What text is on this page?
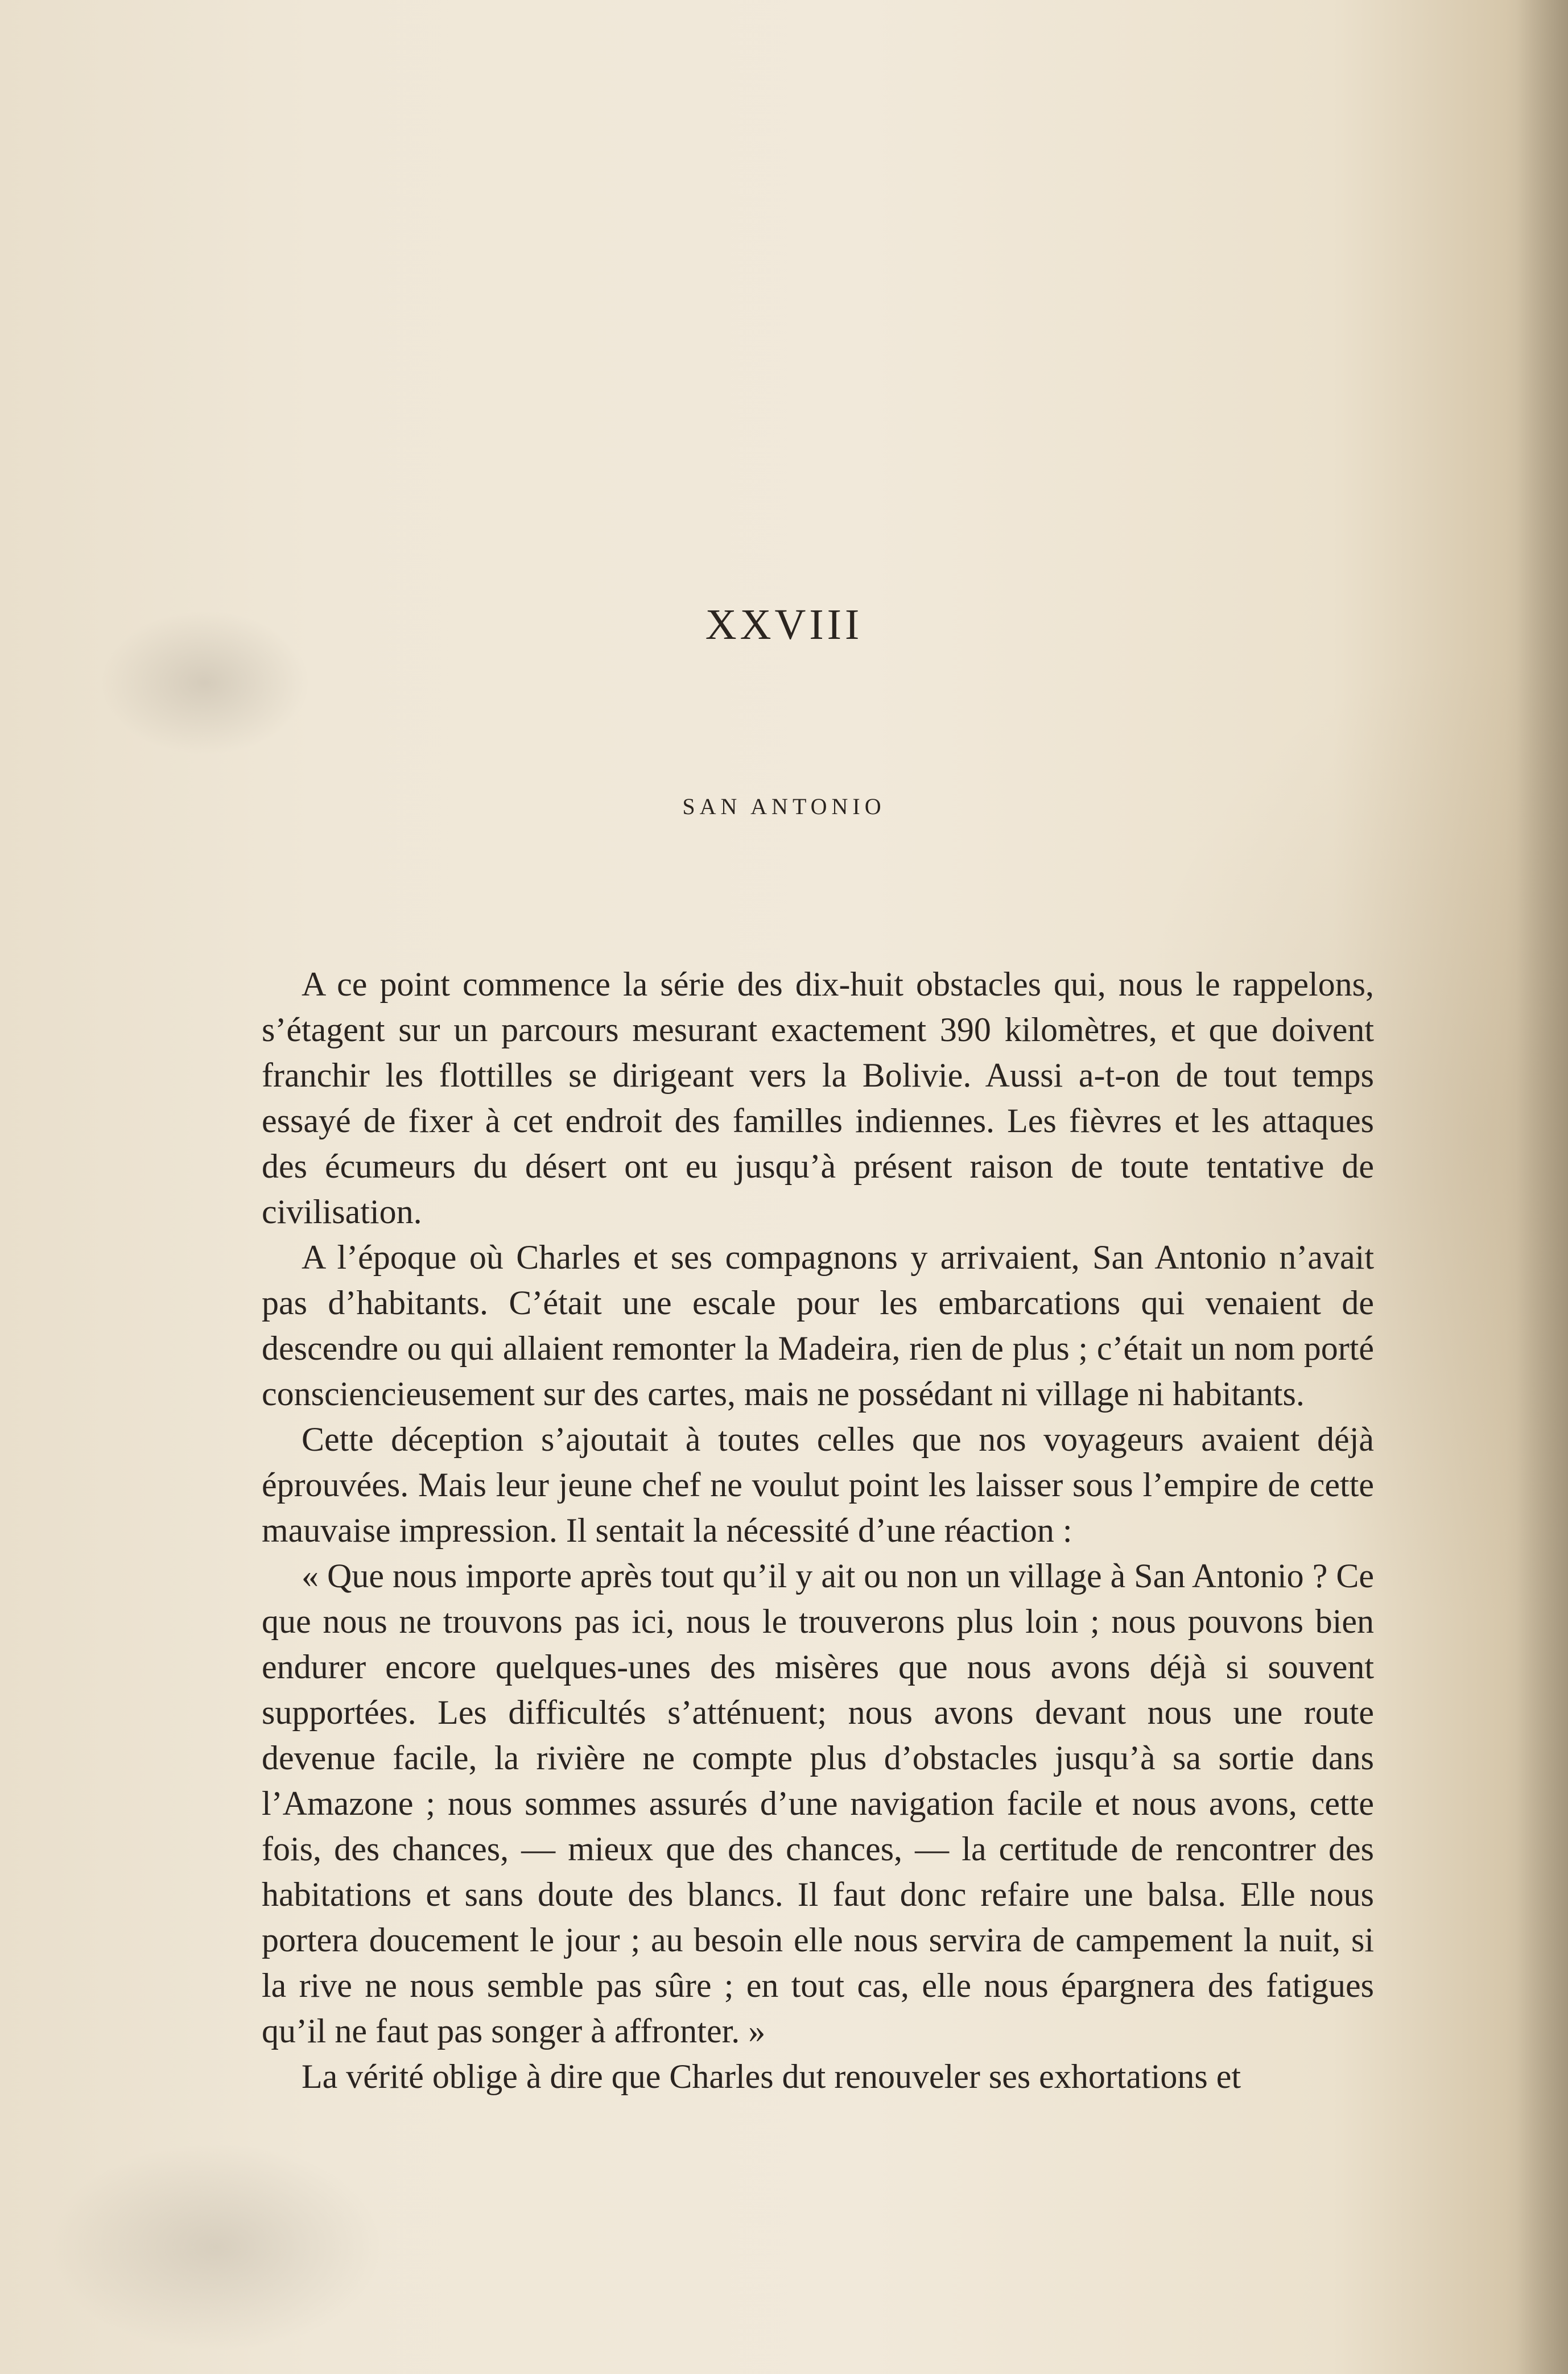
XXVIII
SAN ANTONIO

A ce point commence la série des dix-huit obstacles qui, nous le rappelons, s’étagent sur un parcours mesurant exactement 390 kilomètres, et que doivent franchir les flottilles se dirigeant vers la Bolivie. Aussi a-t-on de tout temps essayé de fixer à cet endroit des familles indiennes. Les fièvres et les attaques des écumeurs du désert ont eu jusqu’à présent raison de toute tentative de civilisation.

A l’époque où Charles et ses compagnons y arrivaient, San Antonio n’avait pas d’habitants. C’était une escale pour les embarcations qui venaient de descendre ou qui allaient remonter la Madeira, rien de plus ; c’était un nom porté consciencieusement sur des cartes, mais ne possédant ni village ni habitants.

Cette déception s’ajoutait à toutes celles que nos voyageurs avaient déjà éprouvées. Mais leur jeune chef ne voulut point les laisser sous l’empire de cette mauvaise impression. Il sentait la nécessité d’une réaction :

« Que nous importe après tout qu’il y ait ou non un village à San Antonio ? Ce que nous ne trouvons pas ici, nous le trouverons plus loin ; nous pouvons bien endurer encore quelques-unes des misères que nous avons déjà si souvent supportées. Les difficultés s’atténuent; nous avons devant nous une route devenue facile, la rivière ne compte plus d’obstacles jusqu’à sa sortie dans l’Amazone ; nous sommes assurés d’une navigation facile et nous avons, cette fois, des chances, — mieux que des chances, — la certitude de rencontrer des habitations et sans doute des blancs. Il faut donc refaire une balsa. Elle nous portera doucement le jour ; au besoin elle nous servira de campement la nuit, si la rive ne nous semble pas sûre ; en tout cas, elle nous épargnera des fatigues qu’il ne faut pas songer à affronter. »

La vérité oblige à dire que Charles dut renouveler ses exhortations et
